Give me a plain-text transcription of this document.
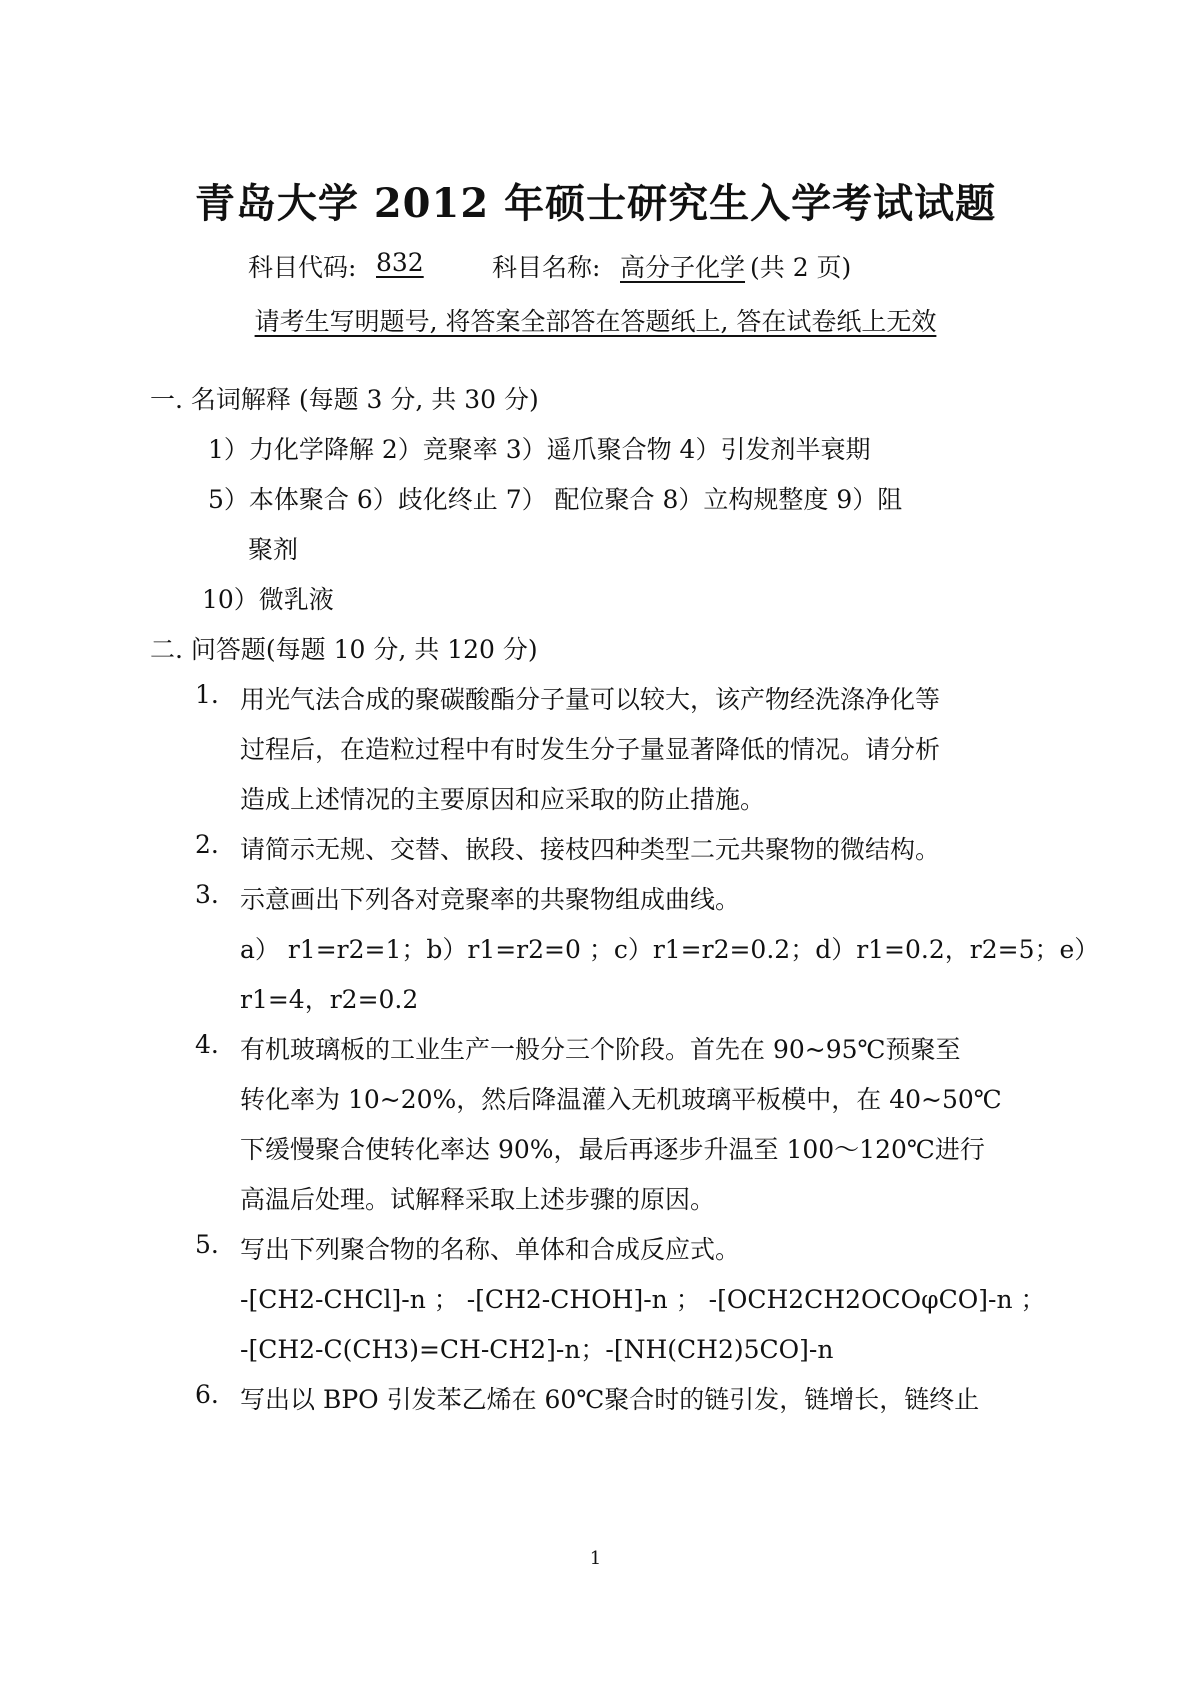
青岛大学 2012 年硕士研究生入学考试试题
科目代码: 832	科目名称: 高分子化学 (共 2 页)
请考生写明题号, 将答案全部答在答题纸上, 答在试卷纸上无效
一. 名词解释 (每题 3 分, 共 30 分)
1）力化学降解 2）竞聚率 3）遥爪聚合物 4）引发剂半衰期
5）本体聚合 6）歧化终止 7） 配位聚合 8）立构规整度 9）阻
聚剂
10）微乳液
二. 问答题(每题 10 分, 共 120 分)
1. 用光气法合成的聚碳酸酯分子量可以较大，该产物经洗涤净化等
过程后，在造粒过程中有时发生分子量显著降低的情况。请分析
造成上述情况的主要原因和应采取的防止措施。
2. 请简示无规、交替、嵌段、接枝四种类型二元共聚物的微结构。
3. 示意画出下列各对竞聚率的共聚物组成曲线。
a） r1=r2=1；b）r1=r2=0 ；c）r1=r2=0.2；d）r1=0.2，r2=5；e）
r1=4，r2=0.2
4. 有机玻璃板的工业生产一般分三个阶段。首先在 90~95℃预聚至
转化率为 10~20%，然后降温灌入无机玻璃平板模中，在 40~50℃
下缓慢聚合使转化率达 90%，最后再逐步升温至 100～120℃进行
高温后处理。试解释采取上述步骤的原因。
5. 写出下列聚合物的名称、单体和合成反应式。
-[CH2-CHCl]-n ； -[CH2-CHOH]-n ； -[OCH2CH2OCOφCO]-n ；
-[CH2-C(CH3)=CH-CH2]-n；-[NH(CH2)5CO]-n
6. 写出以 BPO 引发苯乙烯在 60℃聚合时的链引发，链增长，链终止
1
